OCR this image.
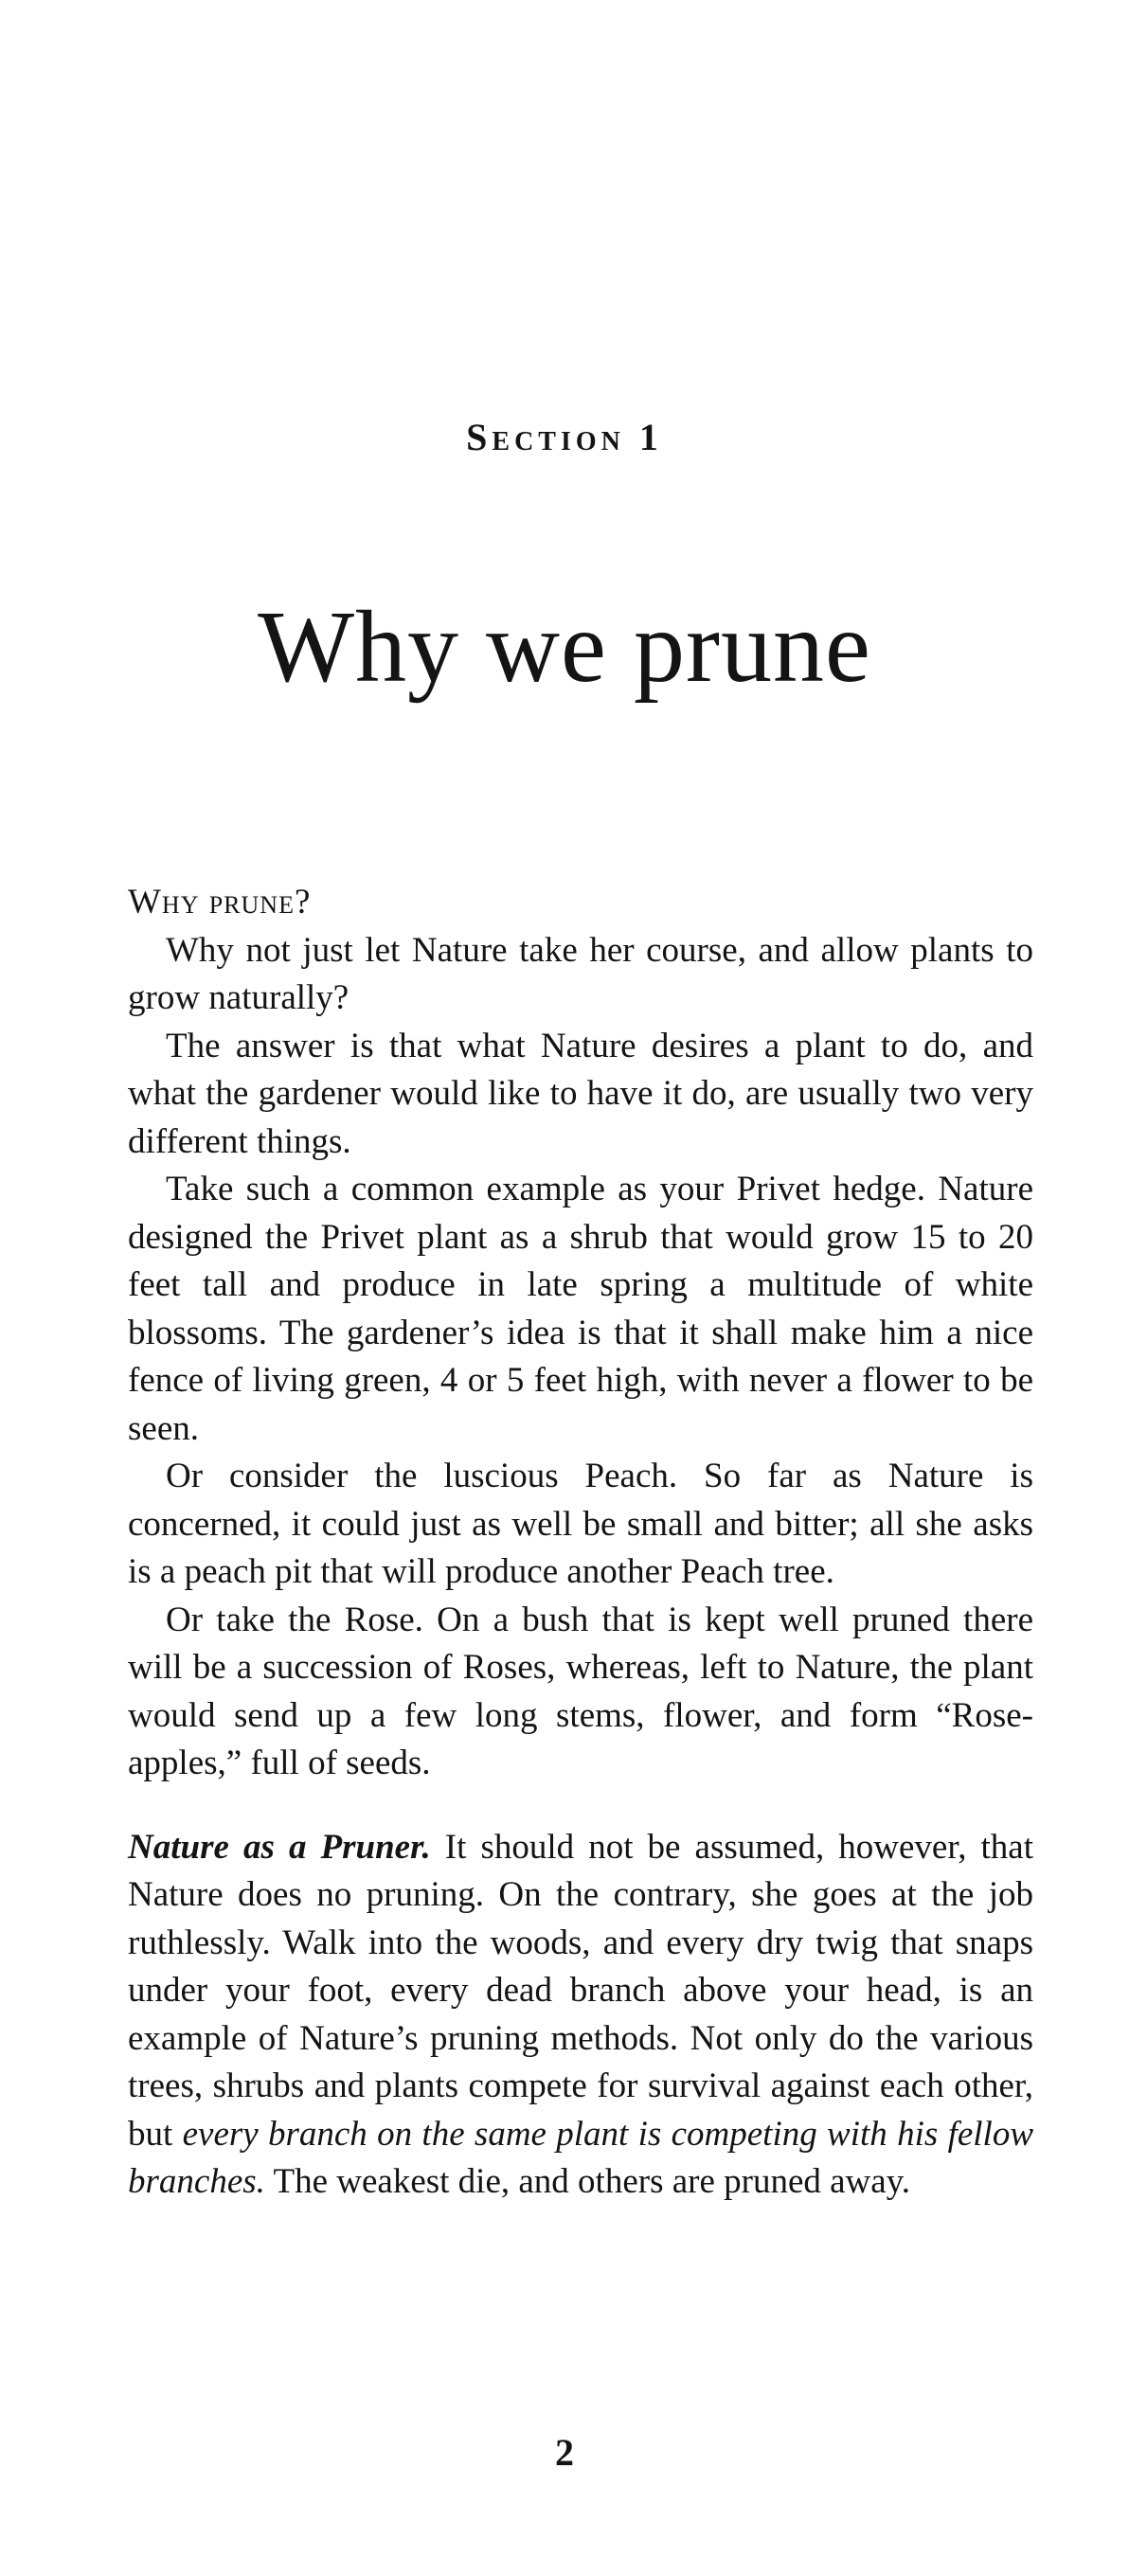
Section 1
Why we prune

Why prune?

Why not just let Nature take her course, and allow plants to grow naturally?

The answer is that what Nature desires a plant to do, and what the gardener would like to have it do, are usually two very different things.

Take such a common example as your Privet hedge. Nature designed the Privet plant as a shrub that would grow 15 to 20 feet tall and produce in late spring a multitude of white blossoms. The gardener’s idea is that it shall make him a nice fence of living green, 4 or 5 feet high, with never a flower to be seen.

Or consider the luscious Peach. So far as Nature is concerned, it could just as well be small and bitter; all she asks is a peach pit that will produce another Peach tree.

Or take the Rose. On a bush that is kept well pruned there will be a succession of Roses, whereas, left to Nature, the plant would send up a few long stems, flower, and form “Rose-apples,” full of seeds.

Nature as a Pruner. It should not be assumed, however, that Nature does no pruning. On the contrary, she goes at the job ruthlessly. Walk into the woods, and every dry twig that snaps under your foot, every dead branch above your head, is an example of Nature’s pruning methods. Not only do the various trees, shrubs and plants compete for survival against each other, but every branch on the same plant is competing with his fellow branches. The weakest die, and others are pruned away.

2
